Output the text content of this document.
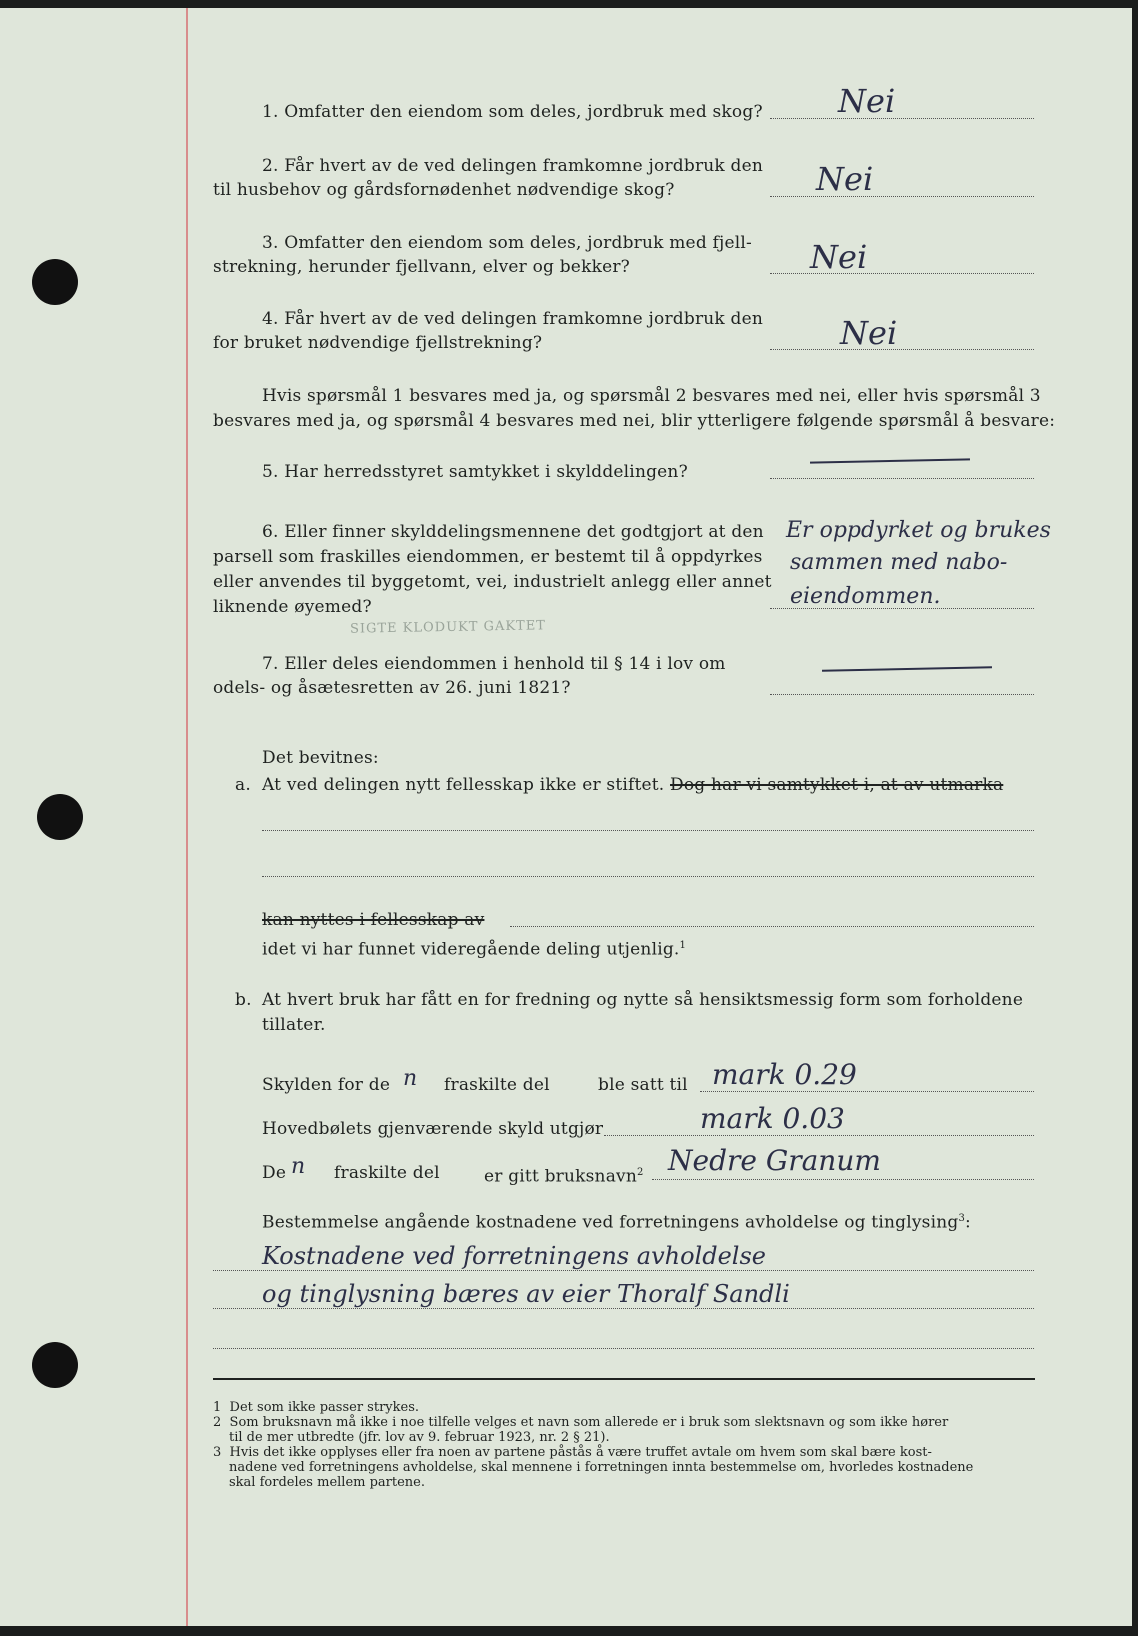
1. Omfatter den eiendom som deles, jordbruk med skog? Nei
2. Får hvert av de ved delingen framkomne jordbruk den
til husbehov og gårdsfornødenhet nødvendige skog?	Nei
3. Omfatter den eiendom som deles, jordbruk med fjell-
strekning, herunder fjellvann, elver og bekker?	Nei
4. Får hvert av de ved delingen framkomne jordbruk den
for bruket nødvendige fjellstrekning?	Nei
Hvis spørsmål 1 besvares med ja, og spørsmål 2 besvares med nei, eller hvis spørsmål 3
besvares med ja, og spørsmål 4 besvares med nei, blir ytterligere følgende spørsmål å besvare:
5. Har herredsstyret samtykket i skylddelingen?
6. Eller finner skylddelingsmennene det godtgjort at den
parsell som fraskilles eiendommen, er bestemt til å oppdyrkes
eller anvendes til byggetomt, vei, industrielt anlegg eller annet
liknende øyemed?
Er oppdyrket og brukes
sammen med nabo-
eiendommen.
SIGTE KLODUKT GAKTET
7. Eller deles eiendommen i henhold til § 14 i lov om
odels- og åsætesretten av 26. juni 1821?
Det bevitnes:
a. At ved delingen nytt fellesskap ikke er stiftet. Dog har vi samtykket i, at av utmarka
kan nyttes i fellesskap av
idet vi har funnet videregående deling utjenlig.$^1$
b. At hvert bruk har fått en for fredning og nytte så hensiktsmessig form som forholdene
tillater.
Skylden for de n fraskilte del	ble satt til mark 0.29
Hovedbølets gjenværende skyld utgjør	mark 0.03
De n fraskilte del	er gitt bruksnavn$^2$ Nedre Granum
Bestemmelse angående kostnadene ved forretningens avholdelse og tinglysing$^3$:
Kostnadene ved forretningens avholdelse
og tinglysning bæres av eier Thoralf Sandli
1 Det som ikke passer strykes.
2 Som bruksnavn må ikke i noe tilfelle velges et navn som allerede er i bruk som slektsnavn og som ikke hører
til de mer utbredte (jfr. lov av 9. februar 1923, nr. 2 § 21).
3 Hvis det ikke opplyses eller fra noen av partene påstås å være truffet avtale om hvem som skal bære kost-
nadene ved forretningens avholdelse, skal mennene i forretningen innta bestemmelse om, hvorledes kostnadene
skal fordeles mellem partene.
